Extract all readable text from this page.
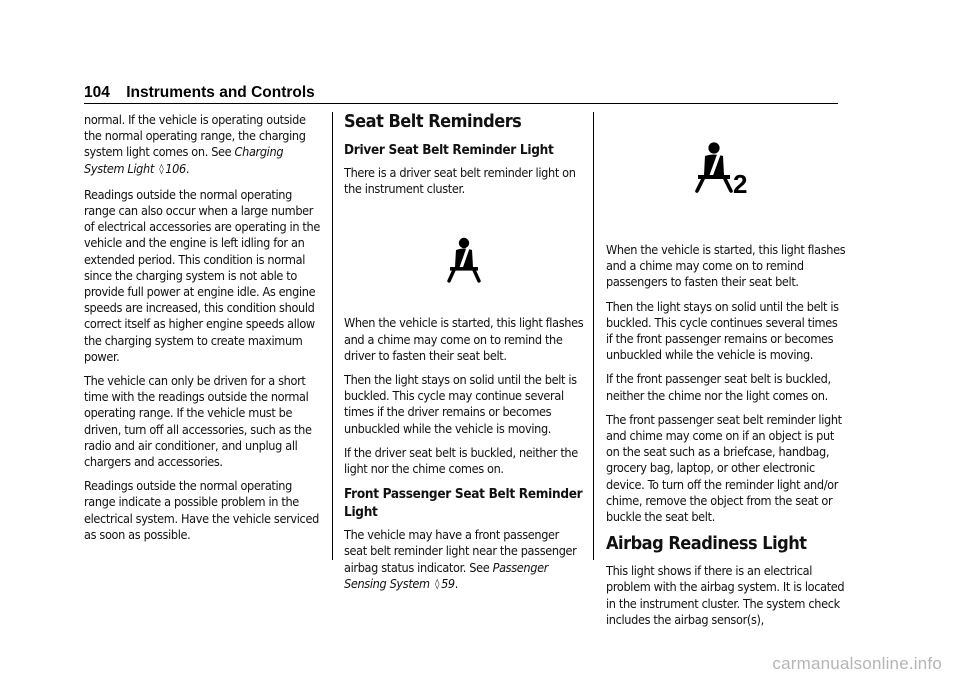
104 Instruments and Controls

normal. If the vehicle is operating outside the normal operating range, the charging system light comes on. See Charging System Light ◊ 106.

Readings outside the normal operating range can also occur when a large number of electrical accessories are operating in the vehicle and the engine is left idling for an extended period. This condition is normal since the charging system is not able to provide full power at engine idle. As engine speeds are increased, this condition should correct itself as higher engine speeds allow the charging system to create maximum power.

The vehicle can only be driven for a short time with the readings outside the normal operating range. If the vehicle must be driven, turn off all accessories, such as the radio and air conditioner, and unplug all chargers and accessories.

Readings outside the normal operating range indicate a possible problem in the electrical system. Have the vehicle serviced as soon as possible.

Seat Belt Reminders
Driver Seat Belt Reminder Light

There is a driver seat belt reminder light on the instrument cluster.

When the vehicle is started, this light flashes and a chime may come on to remind the driver to fasten their seat belt.

Then the light stays on solid until the belt is buckled. This cycle may continue several times if the driver remains or becomes unbuckled while the vehicle is moving.

If the driver seat belt is buckled, neither the light nor the chime comes on.

Front Passenger Seat Belt Reminder Light

The vehicle may have a front passenger seat belt reminder light near the passenger airbag status indicator. See Passenger Sensing System ◊ 59.

2

When the vehicle is started, this light flashes and a chime may come on to remind passengers to fasten their seat belt.

Then the light stays on solid until the belt is buckled. This cycle continues several times if the front passenger remains or becomes unbuckled while the vehicle is moving.

If the front passenger seat belt is buckled, neither the chime nor the light comes on.

The front passenger seat belt reminder light and chime may come on if an object is put on the seat such as a briefcase, handbag, grocery bag, laptop, or other electronic device. To turn off the reminder light and/or chime, remove the object from the seat or buckle the seat belt.

Airbag Readiness Light

This light shows if there is an electrical problem with the airbag system. It is located in the instrument cluster. The system check includes the airbag sensor(s),

carmanualsonline.info
